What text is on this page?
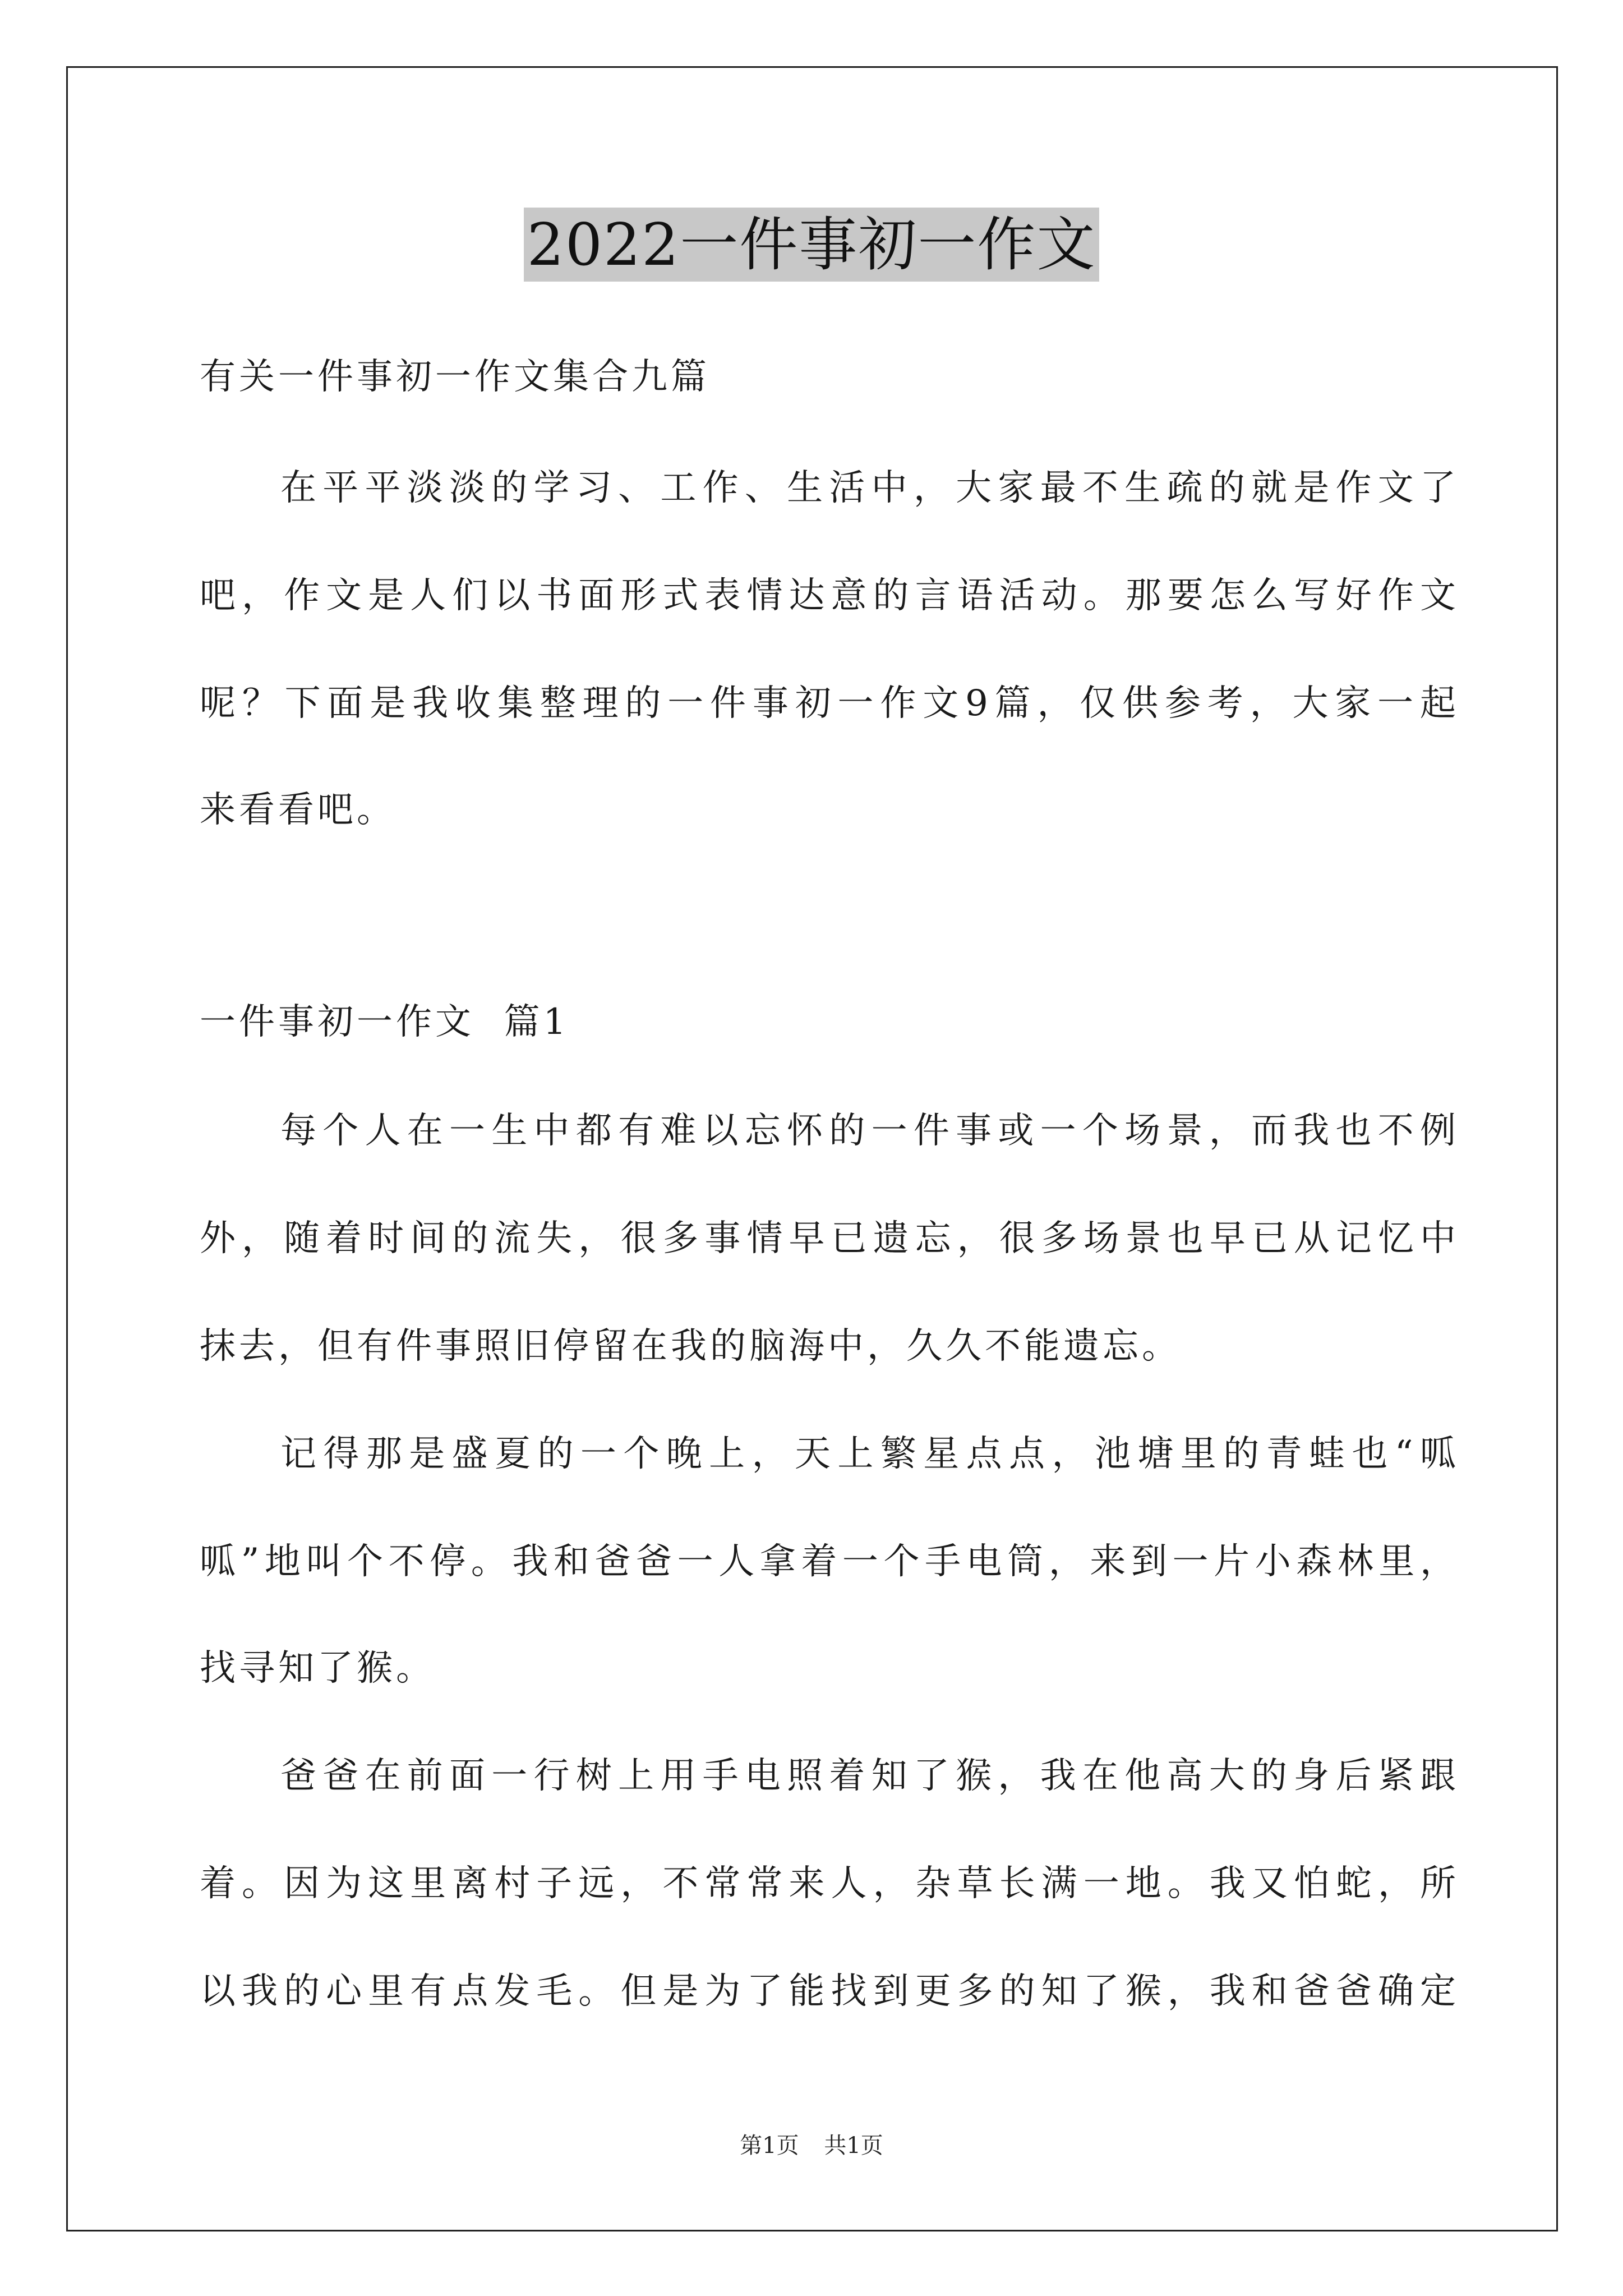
2022一件事初一作文
有关一件事初一作文集合九篇
在平平淡淡的学习、工作、生活中，大家最不生疏的就是作文了
吧，作文是人们以书面形式表情达意的言语活动。那要怎么写好作文
呢？下面是我收集整理的一件事初一作文9篇，仅供参考，大家一起
来看看吧。
一件事初一作文  篇1
每个人在一生中都有难以忘怀的一件事或一个场景，而我也不例
外，随着时间的流失，很多事情早已遗忘，很多场景也早已从记忆中
抹去，但有件事照旧停留在我的脑海中，久久不能遗忘。
记得那是盛夏的一个晚上，天上繁星点点，池塘里的青蛙也“呱
呱”地叫个不停。我和爸爸一人拿着一个手电筒，来到一片小森林里，
找寻知了猴。
爸爸在前面一行树上用手电照着知了猴，我在他高大的身后紧跟
着。因为这里离村子远，不常常来人，杂草长满一地。我又怕蛇，所
以我的心里有点发毛。但是为了能找到更多的知了猴，我和爸爸确定
第1页 共1页
